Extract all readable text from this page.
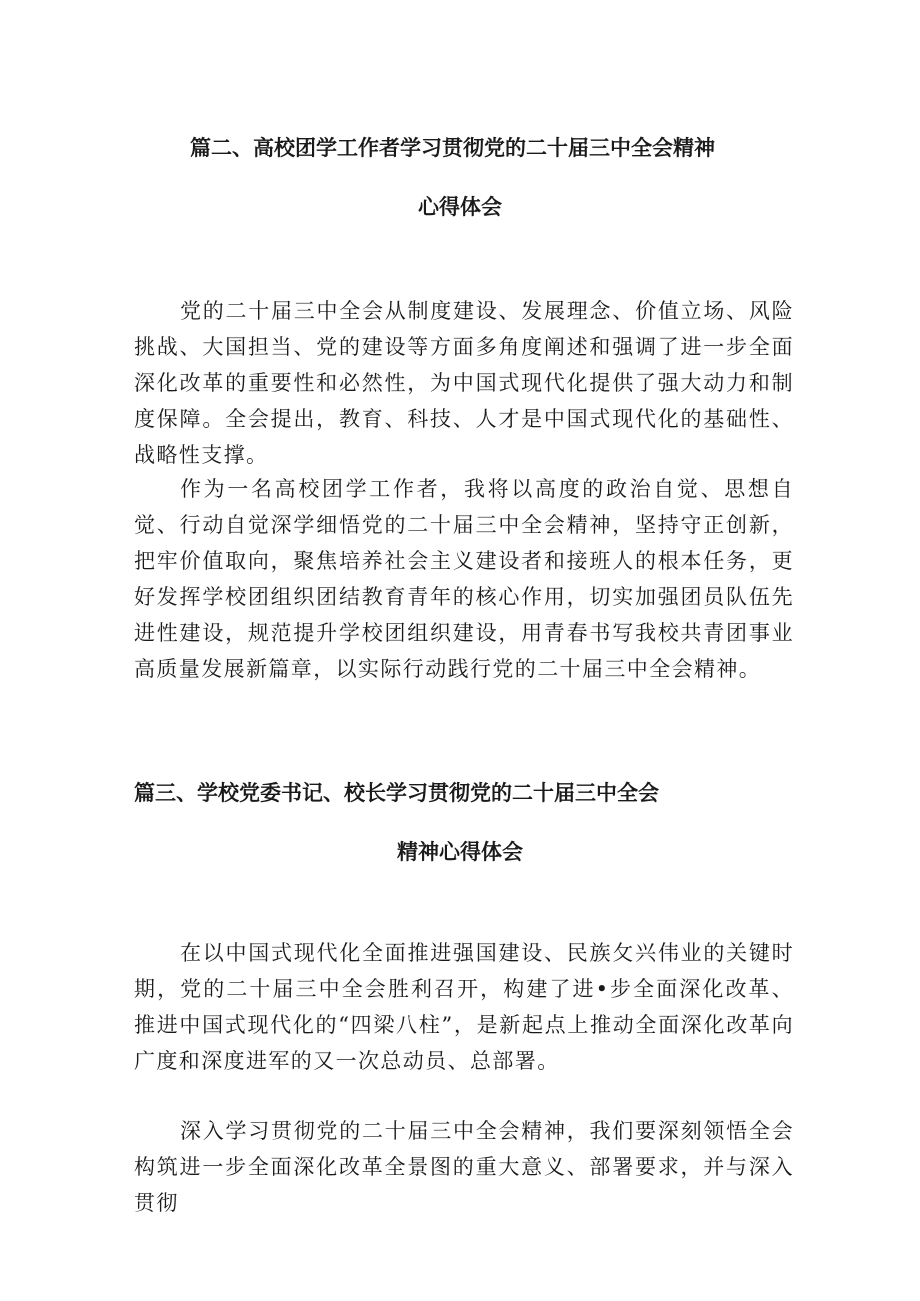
篇二、高校团学工作者学习贯彻党的二十届三中全会精神
心得体会

党的二十届三中全会从制度建设、发展理念、价值立场、风险挑战、大国担当、党的建设等方面多角度阐述和强调了进一步全面深化改革的重要性和必然性，为中国式现代化提供了强大动力和制度保障。全会提出，教育、科技、人才是中国式现代化的基础性、战略性支撑。

作为一名高校团学工作者，我将以高度的政治自觉、思想自觉、行动自觉深学细悟党的二十届三中全会精神，坚持守正创新，把牢价值取向，聚焦培养社会主义建设者和接班人的根本任务，更好发挥学校团组织团结教育青年的核心作用，切实加强团员队伍先进性建设，规范提升学校团组织建设，用青春书写我校共青团事业高质量发展新篇章，以实际行动践行党的二十届三中全会精神。

篇三、学校党委书记、校长学习贯彻党的二十届三中全会
精神心得体会

在以中国式现代化全面推进强国建设、民族攵兴伟业的关键时期，党的二十届三中全会胜利召开，构建了进•步全面深化改革、推进中国式现代化的“四梁八柱”，是新起点上推动全面深化改革向广度和深度进军的又一次总动员、总部署。

深入学习贯彻党的二十届三中全会精神，我们要深刻领悟全会构筑进一步全面深化改革全景图的重大意义、部署要求，并与深入贯彻
